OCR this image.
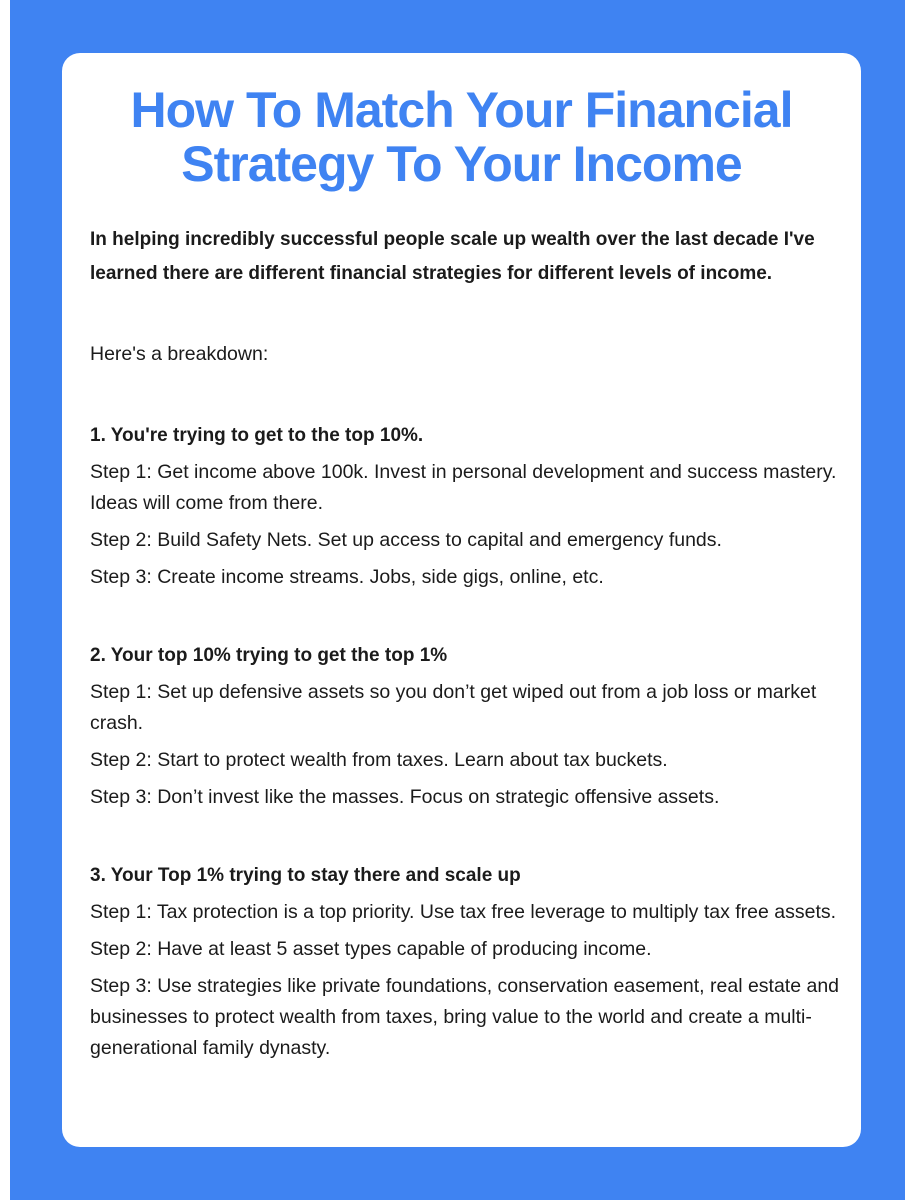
How To Match Your Financial Strategy To Your Income

In helping incredibly successful people scale up wealth over the last decade I've learned there are different financial strategies for different levels of income.

Here's a breakdown:

1. You're trying to get to the top 10%.

Step 1: Get income above 100k. Invest in personal development and success mastery. Ideas will come from there.

Step 2: Build Safety Nets. Set up access to capital and emergency funds.

Step 3: Create income streams. Jobs, side gigs, online, etc.

2. Your top 10% trying to get the top 1%

Step 1: Set up defensive assets so you don’t get wiped out from a job loss or market crash.

Step 2: Start to protect wealth from taxes. Learn about tax buckets.

Step 3: Don’t invest like the masses. Focus on strategic offensive assets.

3. Your Top 1% trying to stay there and scale up

Step 1: Tax protection is a top priority. Use tax free leverage to multiply tax free assets.

Step 2: Have at least 5 asset types capable of producing income.

Step 3: Use strategies like private foundations, conservation easement, real estate and businesses to protect wealth from taxes, bring value to the world and create a multi-generational family dynasty.
